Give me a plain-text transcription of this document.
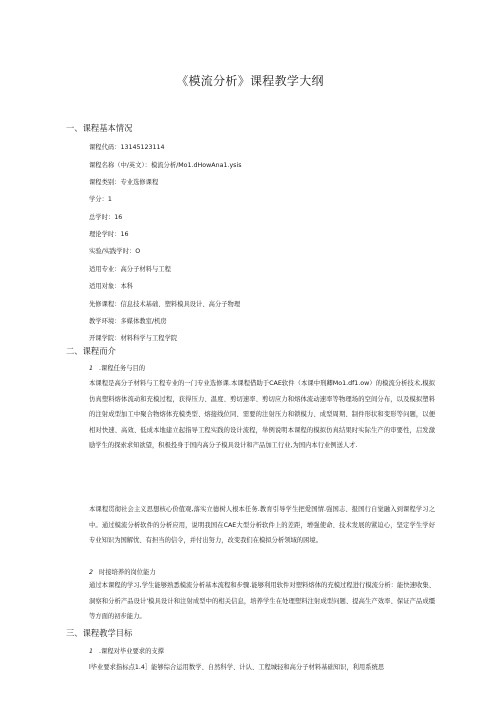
《模流分析》课程教学大纲
一、课程基本情况
课程代码：13145123114
课程名称（中/英文）：模流分析/Mo1.dHowAna1.ysis
课程类别：专业选修课程
学分：1
总学时：16
理论学时：16
实验/实践学时：O
适用专业：高分子材料与工程
适用对象：本科
先修课程：信息技术基础、塑料模具设计、高分子物理
教学环境：多媒体教室/机房
开课学院：材料科学与工程学院
二、课程而介
1 .课程任务与目的
本课程是高分子材料与工程专业的一门专业选修课.本课程借助于CAE软件（本课中刑卿Mo1.df1.ow）的模流分析技术,模拟仿真塑料熔体流动和充模过程，获得压力、温度、剪切速率、剪切应力和熔体流动速率等物理场的空间分布，以及模拟塑料的注射成型加工中聚合物熔体充模类型、熔接线位同、需要的注射压力和锁模力、成型周期、制件形状和变形等问题，以便相对快速、高效、低成本地建立起指导工程实践的设计流程，举例说明本课程的模拟仿真结果时实际生产的审要性，启发激励学生的探索求知欲望，积极投身于国内高分子模具设计和产品加工行业,为国内本行业例送人才.
本课程贯彻社会主义思想核心价值观,落实立德树人根本任务.教育引导学生把爱国情.强国志、报国行自觉融入到课程学习之中。通过模流分析软件的分析应用，说明我国在CAE大型分析软件上的差距，增强使命、技术发展的紧迫心，坚定学生学好专业知识为国解忧、有担当的信令，并付出努力，改变我们在模拟分析领域的困境。
2 时接培养的岗位能力
通过本课程的学习,学生能够熟悉模流分析基本流程和步骤.能够利用软件对塑料熔体的充模过程进行模流分析：能快速收集、洞察和分析产品设计'模具设计和注射成型中的相关信息，培养学生在处理塑料注射成型问题、提高生产效率、保证产品成缰等方面的初步能力。
三、课程教学目标
1 .课程对毕业要求的支撑
l毕业要求指标点1.4］能够综合运用数学、自然科学、计认、工程城轻和高分子材料基础知识，利用系统思
